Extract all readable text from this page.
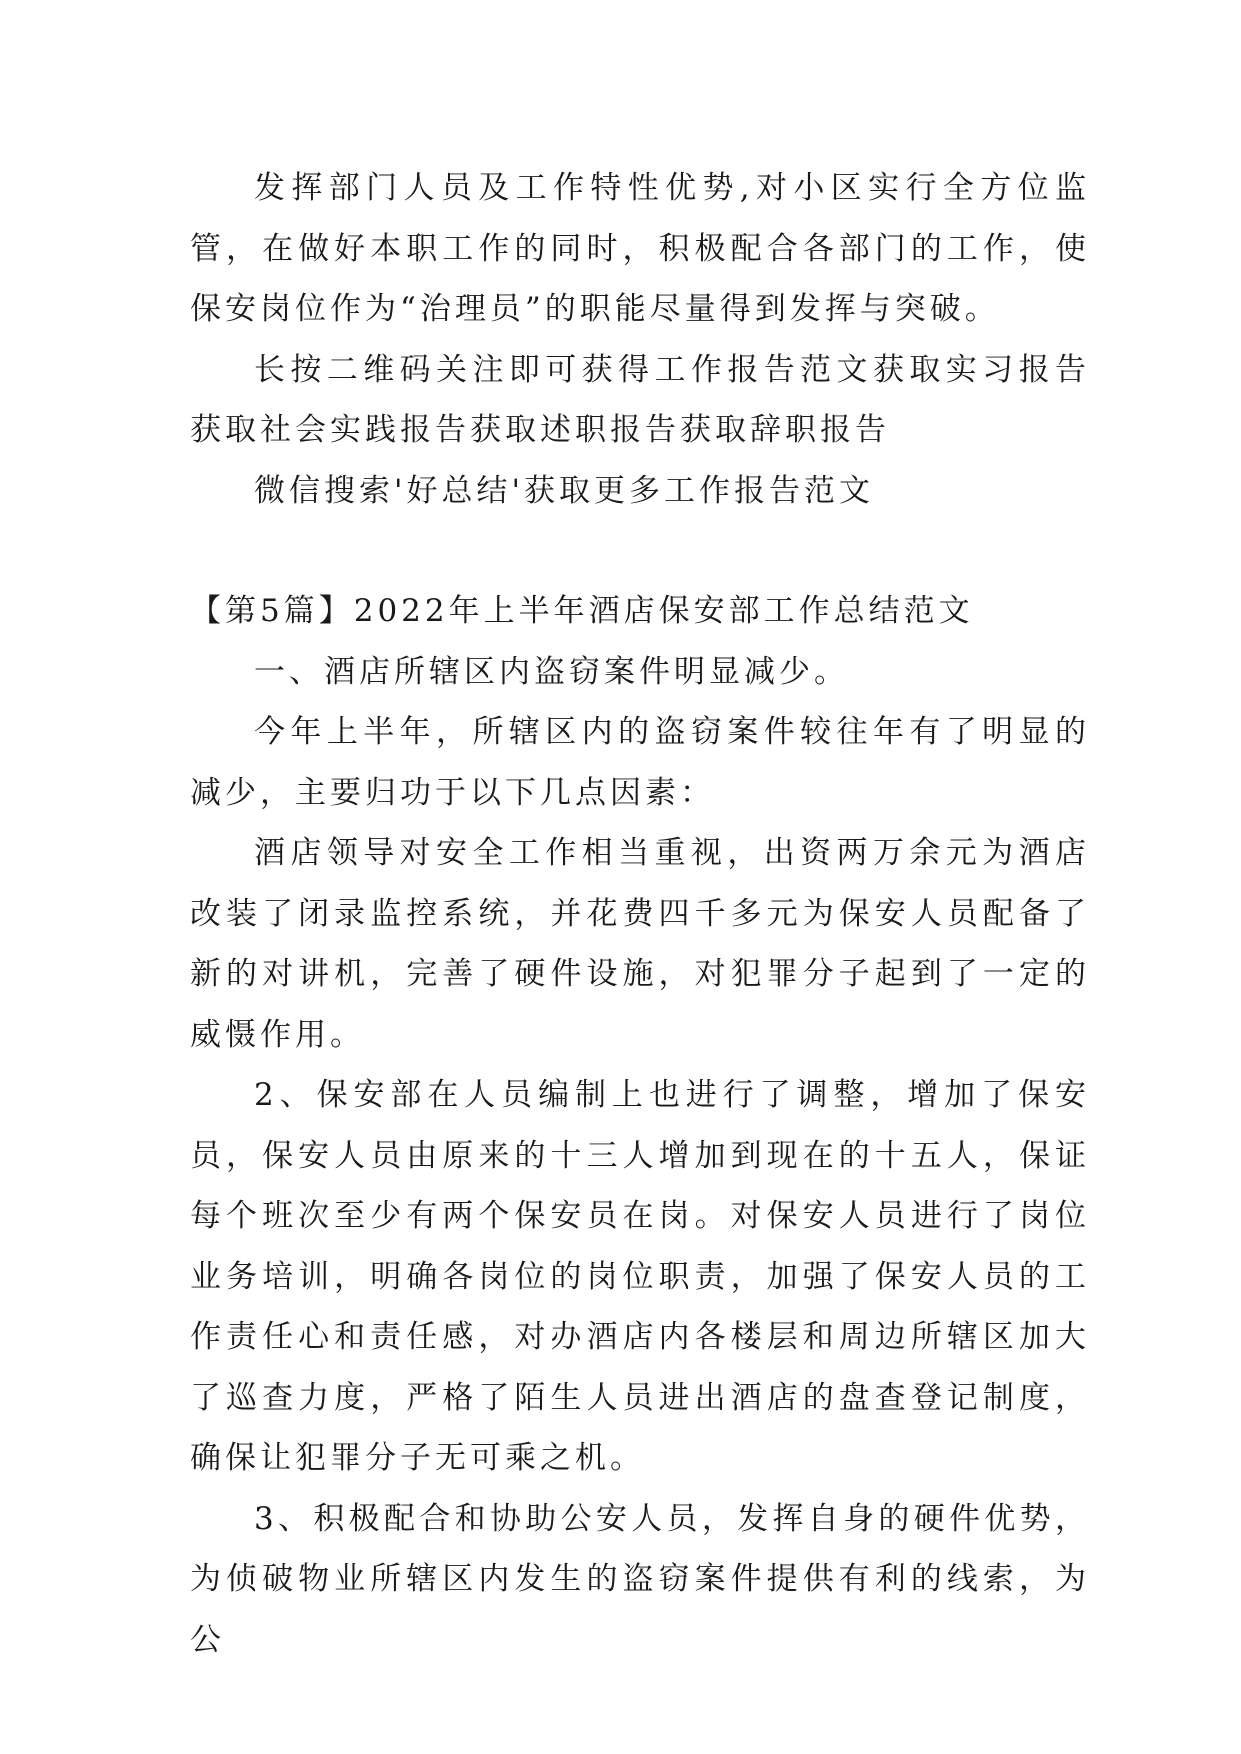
发挥部门人员及工作特性优势,对小区实行全方位监管，在做好本职工作的同时，积极配合各部门的工作，使保安岗位作为“治理员”的职能尽量得到发挥与突破。

长按二维码关注即可获得工作报告范文获取实习报告获取社会实践报告获取述职报告获取辞职报告

微信搜索'好总结'获取更多工作报告范文

【第5篇】2022年上半年酒店保安部工作总结范文

一、酒店所辖区内盗窃案件明显减少。

今年上半年，所辖区内的盗窃案件较往年有了明显的减少，主要归功于以下几点因素：

酒店领导对安全工作相当重视，出资两万余元为酒店改装了闭录监控系统，并花费四千多元为保安人员配备了新的对讲机，完善了硬件设施，对犯罪分子起到了一定的威慑作用。

2、保安部在人员编制上也进行了调整，增加了保安员，保安人员由原来的十三人增加到现在的十五人，保证每个班次至少有两个保安员在岗。对保安人员进行了岗位业务培训，明确各岗位的岗位职责，加强了保安人员的工作责任心和责任感，对办酒店内各楼层和周边所辖区加大了巡查力度，严格了陌生人员进出酒店的盘查登记制度，确保让犯罪分子无可乘之机。

3、积极配合和协助公安人员，发挥自身的硬件优势，为侦破物业所辖区内发生的盗窃案件提供有利的线索，为公
